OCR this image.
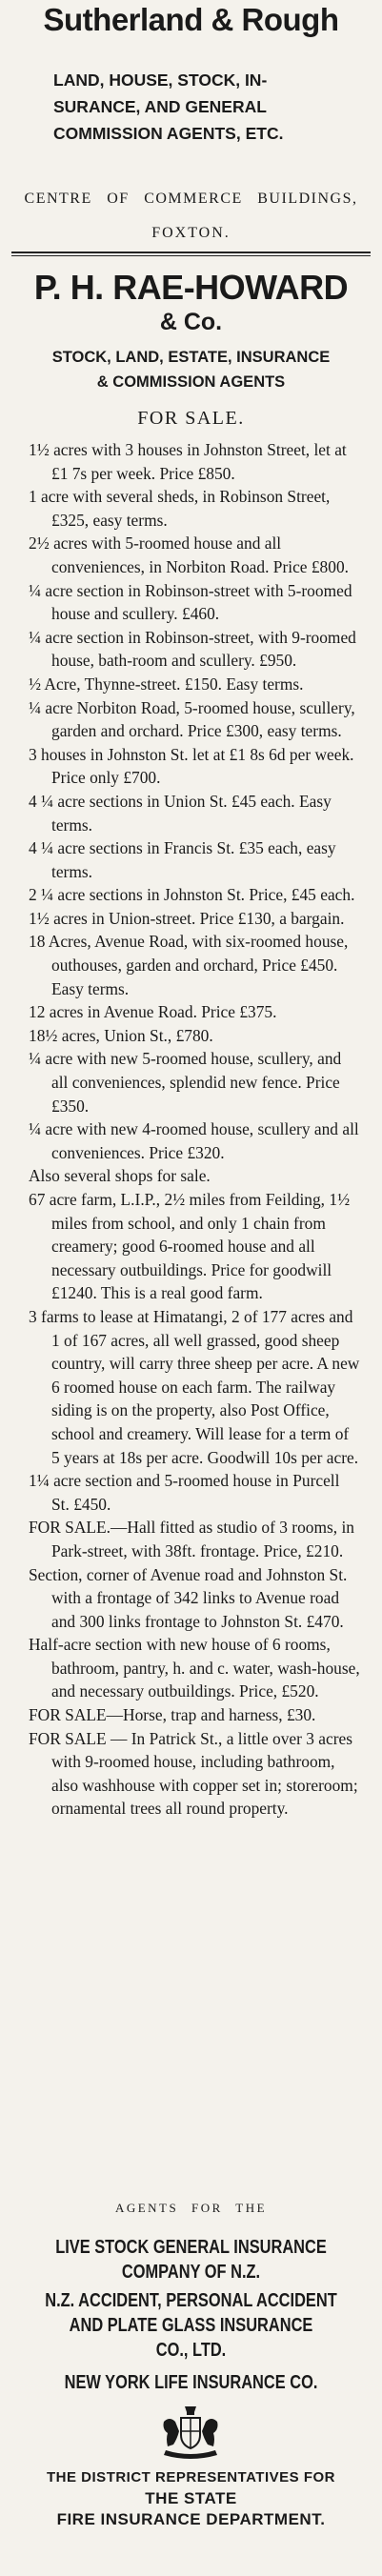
Sutherland & Rough
LAND, HOUSE, STOCK, IN-
SURANCE, AND GENERAL
COMMISSION AGENTS, ETC.
CENTRE OF COMMERCE BUILDINGS,
FOXTON.
P. H. RAE-HOWARD
& Co.
STOCK, LAND, ESTATE, INSURANCE
& COMMISSION AGENTS
FOR SALE.

1½ acres with 3 houses in Johnston Street, let at £1 7s per week. Price £850.

1 acre with several sheds, in Robinson Street, £325, easy terms.

2½ acres with 5-roomed house and all conveniences, in Norbiton Road. Price £800.

¼ acre section in Robinson-street with 5-roomed house and scullery. £460.

¼ acre section in Robinson-street, with 9-roomed house, bath-room and scullery. £950.

½ Acre, Thynne-street. £150. Easy terms.

¼ acre Norbiton Road, 5-roomed house, scullery, garden and orchard. Price £300, easy terms.

3 houses in Johnston St. let at £1 8s 6d per week. Price only £700.

4 ¼ acre sections in Union St. £45 each. Easy terms.

4 ¼ acre sections in Francis St. £35 each, easy terms.

2 ¼ acre sections in Johnston St. Price, £45 each.

1½ acres in Union-street. Price £130, a bargain.

18 Acres, Avenue Road, with six-roomed house, outhouses, garden and orchard, Price £450. Easy terms.

12 acres in Avenue Road. Price £375.

18½ acres, Union St., £780.

¼ acre with new 5-roomed house, scullery, and all conveniences, splendid new fence. Price £350.

¼ acre with new 4-roomed house, scullery and all conveniences. Price £320.

Also several shops for sale.

67 acre farm, L.I.P., 2½ miles from Feilding, 1½ miles from school, and only 1 chain from creamery; good 6-roomed house and all necessary outbuildings. Price for goodwill £1240. This is a real good farm.

3 farms to lease at Himatangi, 2 of 177 acres and 1 of 167 acres, all well grassed, good sheep country, will carry three sheep per acre. A new 6 roomed house on each farm. The railway siding is on the property, also Post Office, school and creamery. Will lease for a term of 5 years at 18s per acre. Goodwill 10s per acre.

1¼ acre section and 5-roomed house in Purcell St. £450.

FOR SALE.—Hall fitted as studio of 3 rooms, in Park-street, with 38ft. frontage. Price, £210.

Section, corner of Avenue road and Johnston St. with a frontage of 342 links to Avenue road and 300 links frontage to Johnston St. £470.

Half-acre section with new house of 6 rooms, bathroom, pantry, h. and c. water, wash-house, and necessary outbuildings. Price, £520.

FOR SALE—Horse, trap and harness, £30.

FOR SALE — In Patrick St., a little over 3 acres with 9-roomed house, including bathroom, also washhouse with copper set in; storeroom; ornamental trees all round property.

AGENTS FOR THE
LIVE STOCK GENERAL INSURANCE
COMPANY OF N.Z.
N.Z. ACCIDENT, PERSONAL ACCIDENT
AND PLATE GLASS INSURANCE
CO., LTD.
NEW YORK LIFE INSURANCE CO.
THE DISTRICT REPRESENTATIVES FOR
THE STATE
FIRE INSURANCE DEPARTMENT.
